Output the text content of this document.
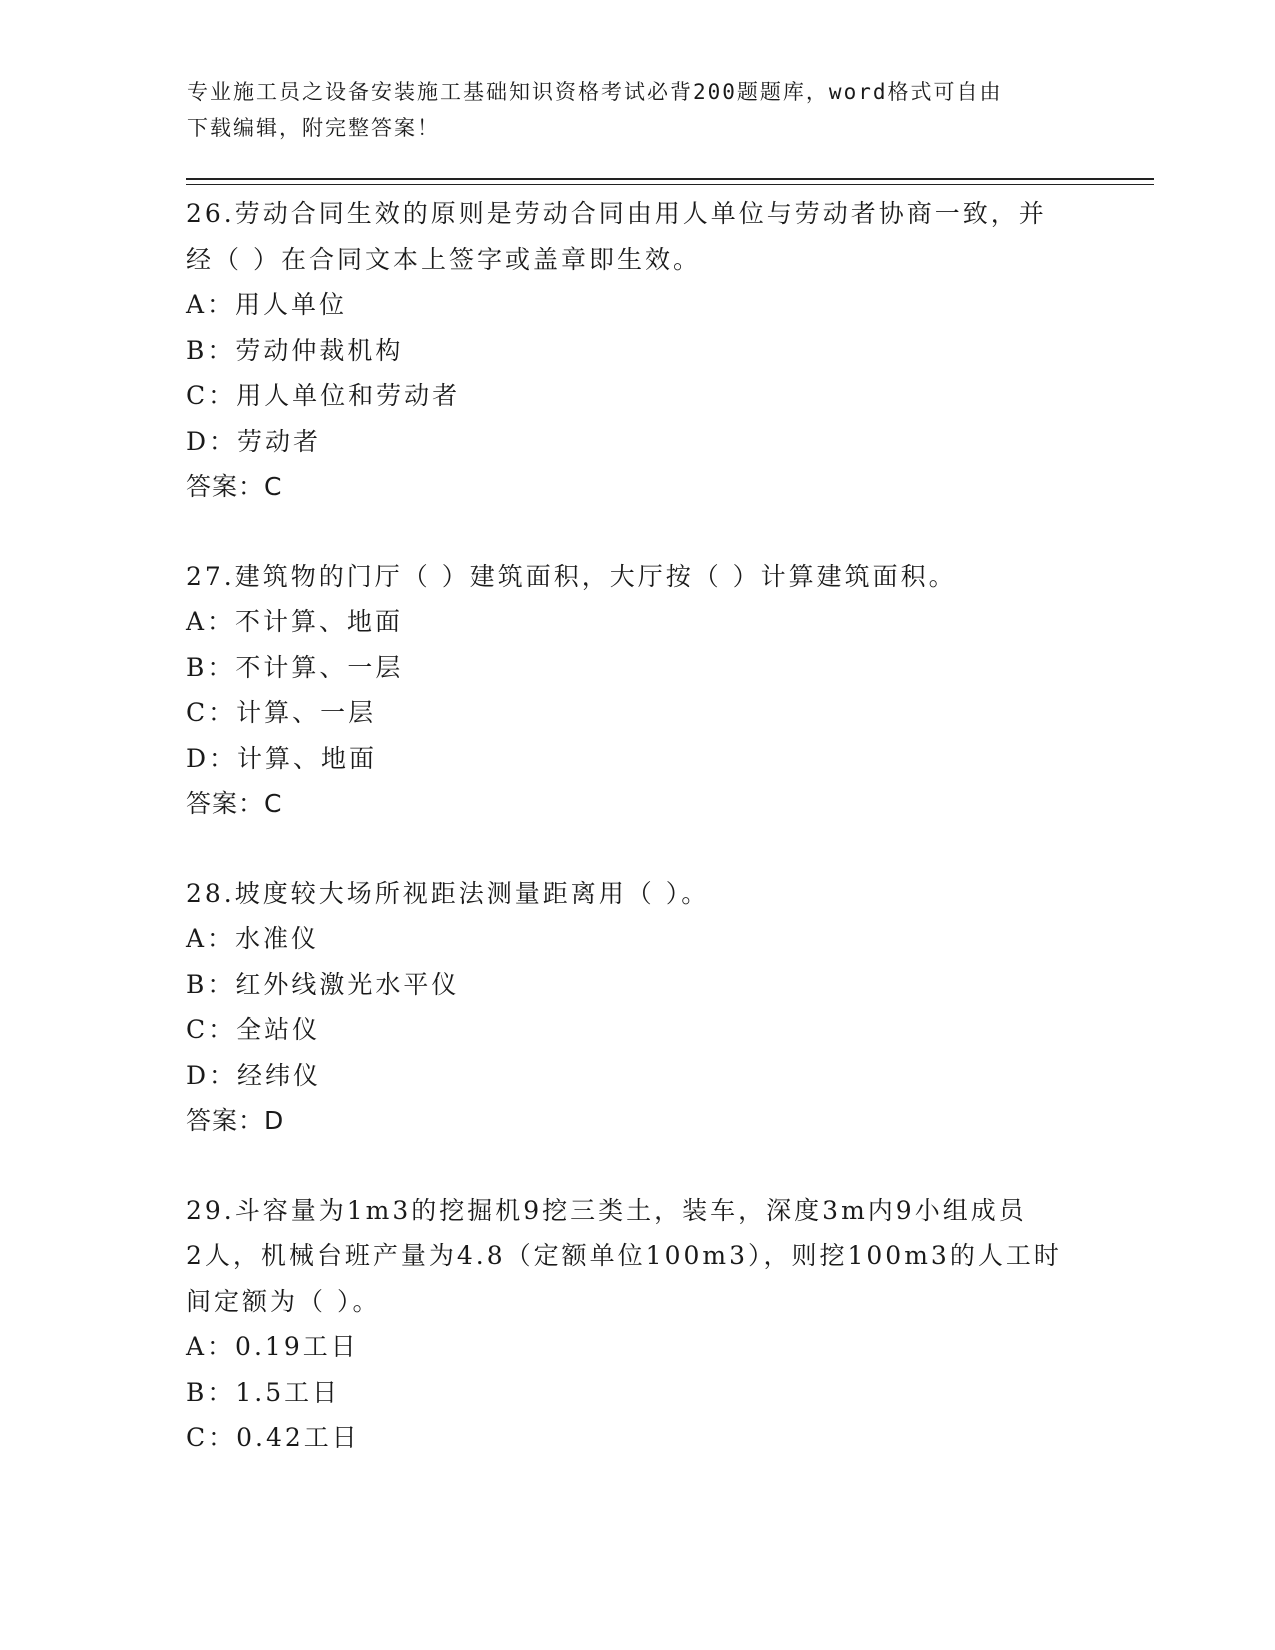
专业施工员之设备安装施工基础知识资格考试必背200题题库，word格式可自由
下载编辑，附完整答案！
26.劳动合同生效的原则是劳动合同由用人单位与劳动者协商一致，并
经（ ）在合同文本上签字或盖章即生效。
A：用人单位
B：劳动仲裁机构
C：用人单位和劳动者
D：劳动者
答案：C
27.建筑物的门厅（ ）建筑面积，大厅按（ ）计算建筑面积。
A：不计算、地面
B：不计算、一层
C：计算、一层
D：计算、地面
答案：C
28.坡度较大场所视距法测量距离用（ ）。
A：水准仪
B：红外线激光水平仪
C：全站仪
D：经纬仪
答案：D
29.斗容量为1m3的挖掘机9挖三类土，装车，深度3m内9小组成员
2人，机械台班产量为4.8（定额单位100m3），则挖100m3的人工时
间定额为（ ）。
A：0.19工日
B：1.5工日
C：0.42工日
